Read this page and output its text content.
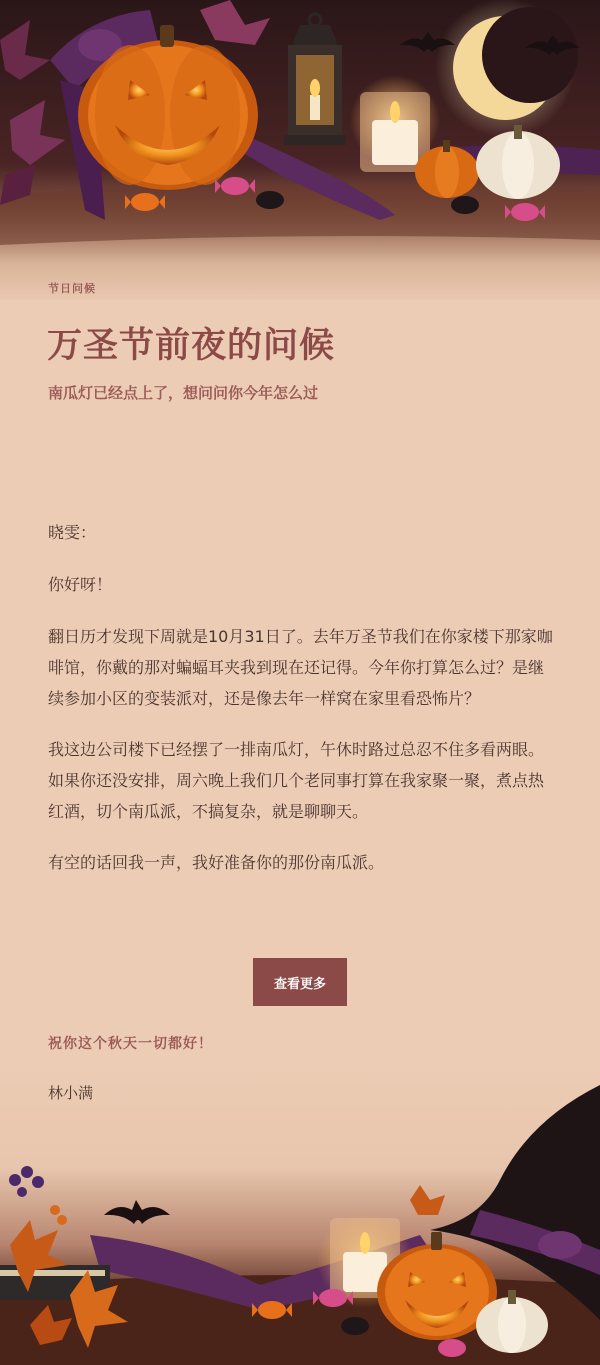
节日问候
万圣节前夜的问候
南瓜灯已经点上了，想问问你今年怎么过

晓雯：

你好呀！

翻日历才发现下周就是10月31日了。去年万圣节我们在你家楼下那家咖啡馆，你戴的那对蝙蝠耳夹我到现在还记得。今年你打算怎么过？是继续参加小区的变装派对，还是像去年一样窝在家里看恐怖片？

我这边公司楼下已经摆了一排南瓜灯，午休时路过总忍不住多看两眼。如果你还没安排，周六晚上我们几个老同事打算在我家聚一聚，煮点热红酒，切个南瓜派，不搞复杂，就是聊聊天。

有空的话回我一声，我好准备你的那份南瓜派。

查看更多
祝你这个秋天一切都好！
林小满
